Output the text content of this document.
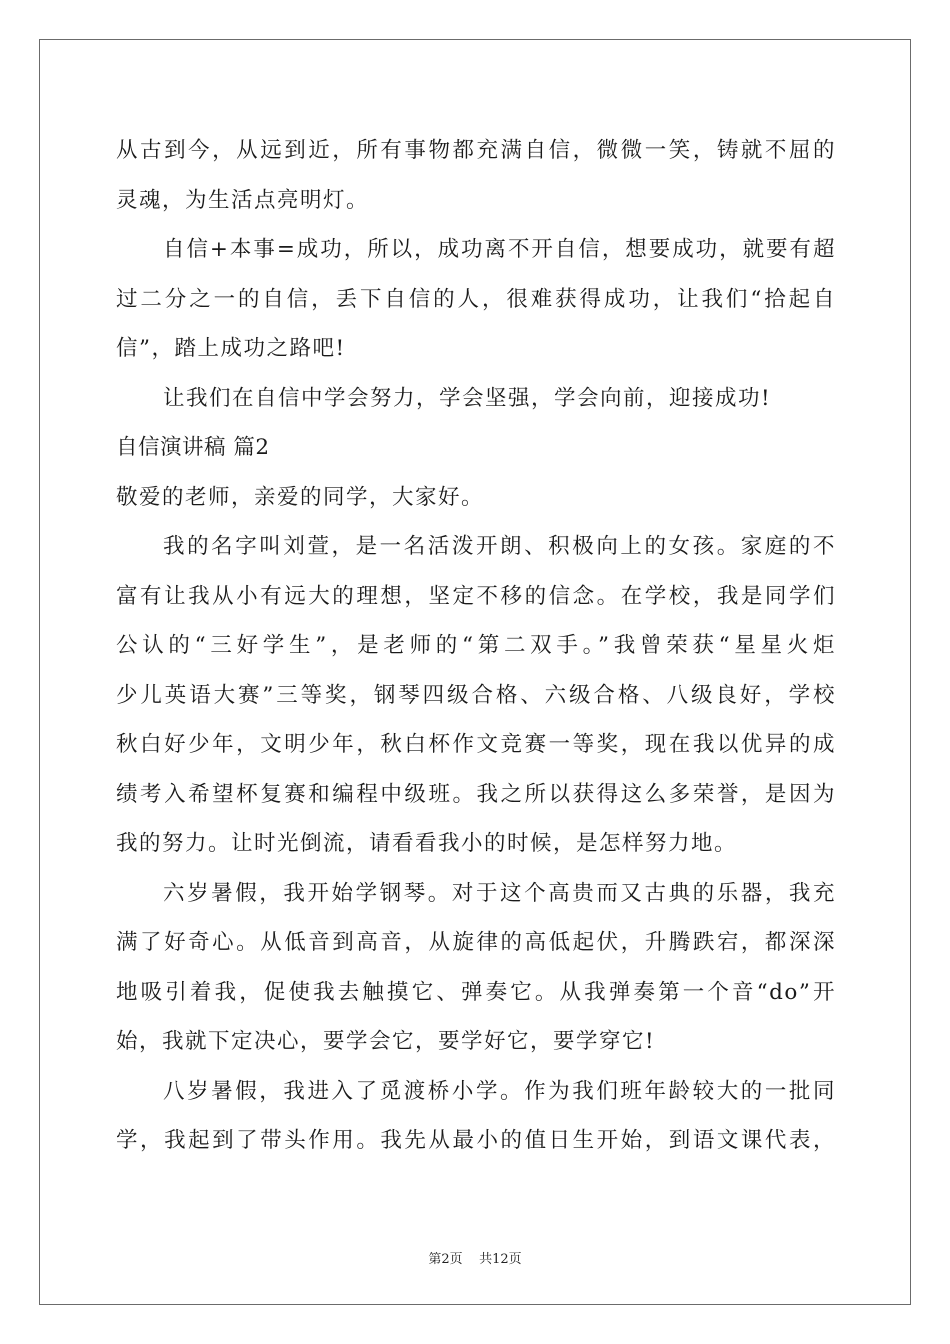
从古到今，从远到近，所有事物都充满自信，微微一笑，铸就不屈的
灵魂，为生活点亮明灯。
自信+本事=成功，所以，成功离不开自信，想要成功，就要有超
过二分之一的自信，丢下自信的人，很难获得成功，让我们“拾起自
信”，踏上成功之路吧!
让我们在自信中学会努力，学会坚强，学会向前，迎接成功!
自信演讲稿 篇2
敬爱的老师，亲爱的同学，大家好。
我的名字叫刘萱，是一名活泼开朗、积极向上的女孩。家庭的不
富有让我从小有远大的理想，坚定不移的信念。在学校，我是同学们
公认的“三好学生”，是老师的“第二双手。”我曾荣获“星星火炬
少儿英语大赛”三等奖，钢琴四级合格、六级合格、八级良好，学校
秋白好少年，文明少年，秋白杯作文竞赛一等奖，现在我以优异的成
绩考入希望杯复赛和编程中级班。我之所以获得这么多荣誉，是因为
我的努力。让时光倒流，请看看我小的时候，是怎样努力地。
六岁暑假，我开始学钢琴。对于这个高贵而又古典的乐器，我充
满了好奇心。从低音到高音，从旋律的高低起伏，升腾跌宕，都深深
地吸引着我，促使我去触摸它、弹奏它。从我弹奏第一个音“do”开
始，我就下定决心，要学会它，要学好它，要学穿它!
八岁暑假，我进入了觅渡桥小学。作为我们班年龄较大的一批同
学，我起到了带头作用。我先从最小的值日生开始，到语文课代表，
第2页 共12页
